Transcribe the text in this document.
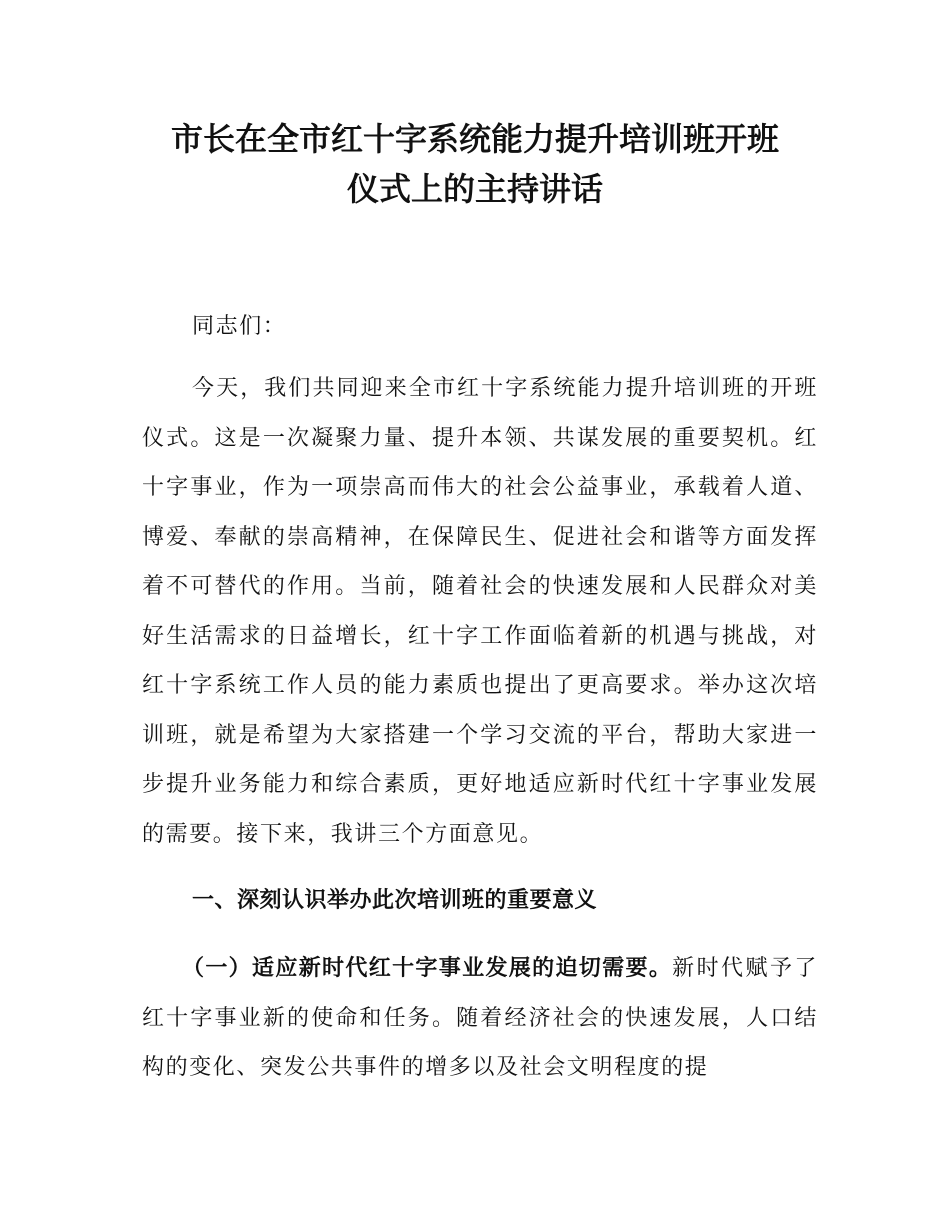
市长在全市红十字系统能力提升培训班开班
仪式上的主持讲话

同志们：

今天，我们共同迎来全市红十字系统能力提升培训班的开班仪式。这是一次凝聚力量、提升本领、共谋发展的重要契机。红十字事业，作为一项崇高而伟大的社会公益事业，承载着人道、博爱、奉献的崇高精神，在保障民生、促进社会和谐等方面发挥着不可替代的作用。当前，随着社会的快速发展和人民群众对美好生活需求的日益增长，红十字工作面临着新的机遇与挑战，对红十字系统工作人员的能力素质也提出了更高要求。举办这次培训班，就是希望为大家搭建一个学习交流的平台，帮助大家进一步提升业务能力和综合素质，更好地适应新时代红十字事业发展的需要。接下来，我讲三个方面意见。

一、深刻认识举办此次培训班的重要意义

（一）适应新时代红十字事业发展的迫切需要。新时代赋予了红十字事业新的使命和任务。随着经济社会的快速发展，人口结构的变化、突发公共事件的增多以及社会文明程度的提
